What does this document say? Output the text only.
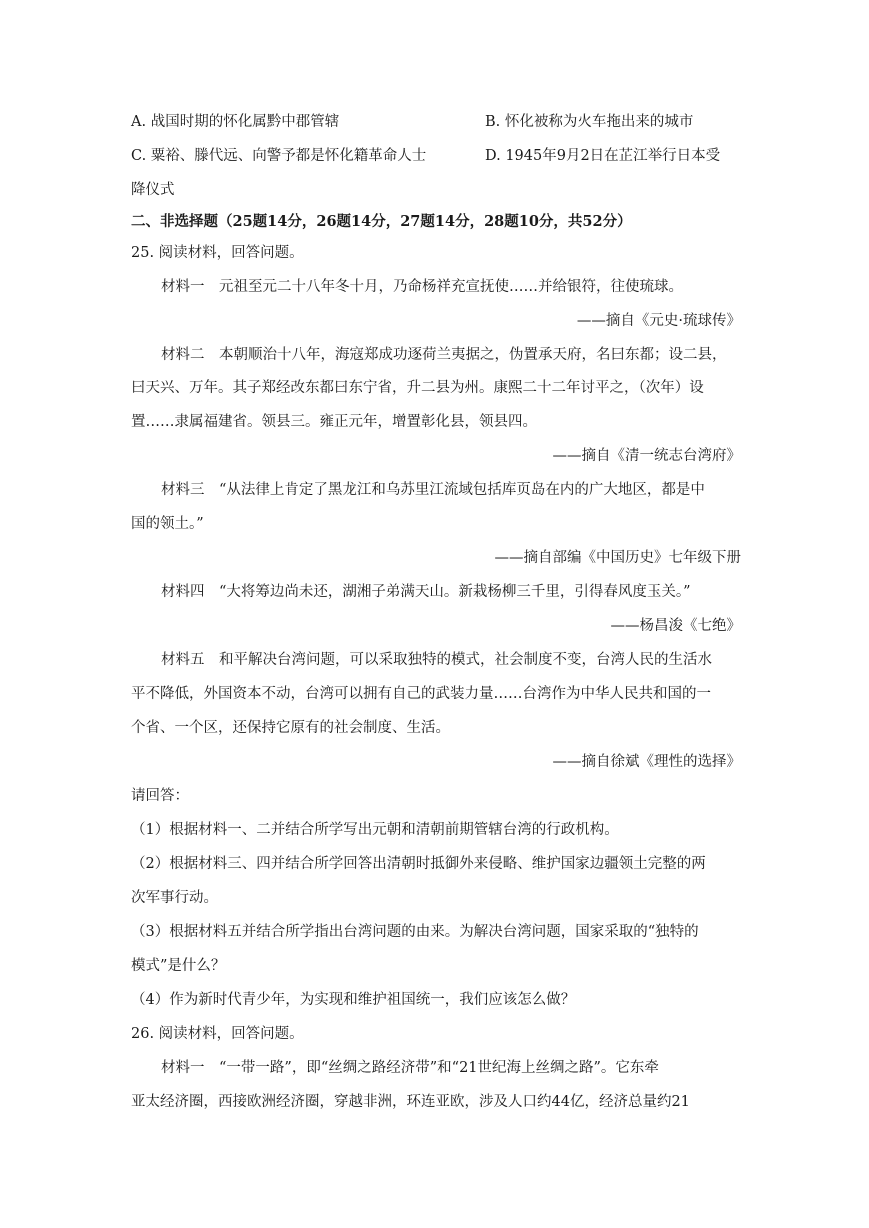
A. 战国时期的怀化属黔中郡管辖	B. 怀化被称为火车拖出来的城市
C. 粟裕、滕代远、向警予都是怀化籍革命人士	D. 1945年9月2日在芷江举行日本受
降仪式
二、非选择题（25题14分，26题14分，27题14分，28题10分，共52分）
25. 阅读材料，回答问题。
材料一　元祖至元二十八年冬十月，乃命杨祥充宣抚使……并给银符，往使琉球。
——摘自《元史·琉球传》
材料二　本朝顺治十八年，海寇郑成功逐荷兰夷据之，伪置承天府，名曰东都；设二县，
曰天兴、万年。其子郑经改东都曰东宁省，升二县为州。康熙二十二年讨平之，（次年）设
置……隶属福建省。领县三。雍正元年，增置彰化县，领县四。
——摘自《清一统志台湾府》
材料三　“从法律上肯定了黑龙江和乌苏里江流域包括库页岛在内的广大地区，都是中
国的领土。”
——摘自部编《中国历史》七年级下册
材料四　“大将筹边尚未还，湖湘子弟满天山。新栽杨柳三千里，引得春风度玉关。”
——杨昌浚《七绝》
材料五　和平解决台湾问题，可以采取独特的模式，社会制度不变，台湾人民的生活水
平不降低，外国资本不动，台湾可以拥有自己的武装力量……台湾作为中华人民共和国的一
个省、一个区，还保持它原有的社会制度、生活。
——摘自徐斌《理性的选择》
请回答：
（1）根据材料一、二并结合所学写出元朝和清朝前期管辖台湾的行政机构。
（2）根据材料三、四并结合所学回答出清朝时抵御外来侵略、维护国家边疆领土完整的两
次军事行动。
（3）根据材料五并结合所学指出台湾问题的由来。为解决台湾问题，国家采取的“独特的
模式”是什么？
（4）作为新时代青少年，为实现和维护祖国统一，我们应该怎么做？
26. 阅读材料，回答问题。
材料一　“一带一路”，即“丝绸之路经济带”和“21世纪海上丝绸之路”。它东牵
亚太经济圈，西接欧洲经济圈，穿越非洲，环连亚欧，涉及人口约44亿，经济总量约21
